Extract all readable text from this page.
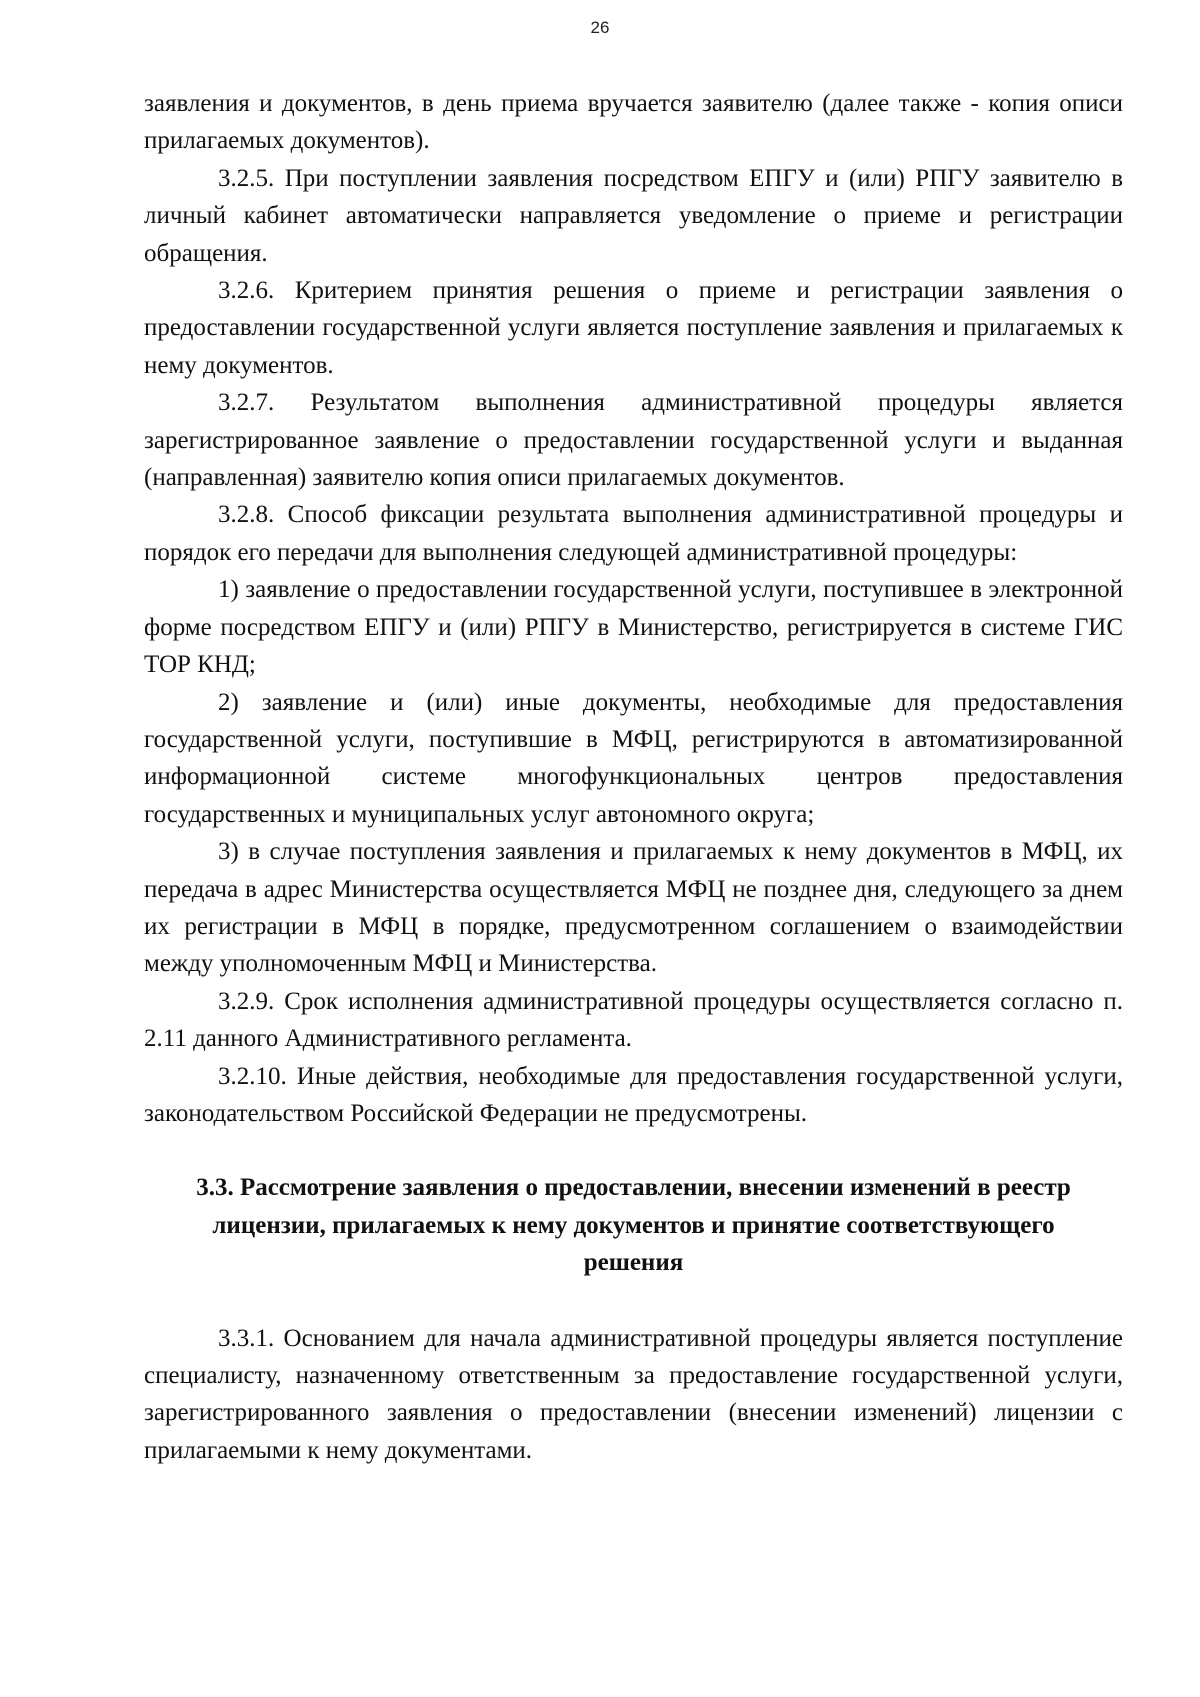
26

заявления и документов, в день приема вручается заявителю (далее также - копия описи прилагаемых документов).

3.2.5. При поступлении заявления посредством ЕПГУ и (или) РПГУ заявителю в личный кабинет автоматически направляется уведомление о приеме и регистрации обращения.

3.2.6. Критерием принятия решения о приеме и регистрации заявления о предоставлении государственной услуги является поступление заявления и прилагаемых к нему документов.

3.2.7. Результатом выполнения административной процедуры является зарегистрированное заявление о предоставлении государственной услуги и выданная (направленная) заявителю копия описи прилагаемых документов.

3.2.8. Способ фиксации результата выполнения административной процедуры и порядок его передачи для выполнения следующей административной процедуры:

1) заявление о предоставлении государственной услуги, поступившее в электронной форме посредством ЕПГУ и (или) РПГУ в Министерство, регистрируется в системе ГИС ТОР КНД;

2) заявление и (или) иные документы, необходимые для предоставления государственной услуги, поступившие в МФЦ, регистрируются в автоматизированной информационной системе многофункциональных центров предоставления государственных и муниципальных услуг автономного округа;

3) в случае поступления заявления и прилагаемых к нему документов в МФЦ, их передача в адрес Министерства осуществляется МФЦ не позднее дня, следующего за днем их регистрации в МФЦ в порядке, предусмотренном соглашением о взаимодействии между уполномоченным МФЦ и Министерства.

3.2.9. Срок исполнения административной процедуры осуществляется согласно п. 2.11 данного Административного регламента.

3.2.10. Иные действия, необходимые для предоставления государственной услуги, законодательством Российской Федерации не предусмотрены.

3.3. Рассмотрение заявления о предоставлении, внесении изменений в реестр лицензии, прилагаемых к нему документов и принятие соответствующего решения

3.3.1. Основанием для начала административной процедуры является поступление специалисту, назначенному ответственным за предоставление государственной услуги, зарегистрированного заявления о предоставлении (внесении изменений) лицензии с прилагаемыми к нему документами.
